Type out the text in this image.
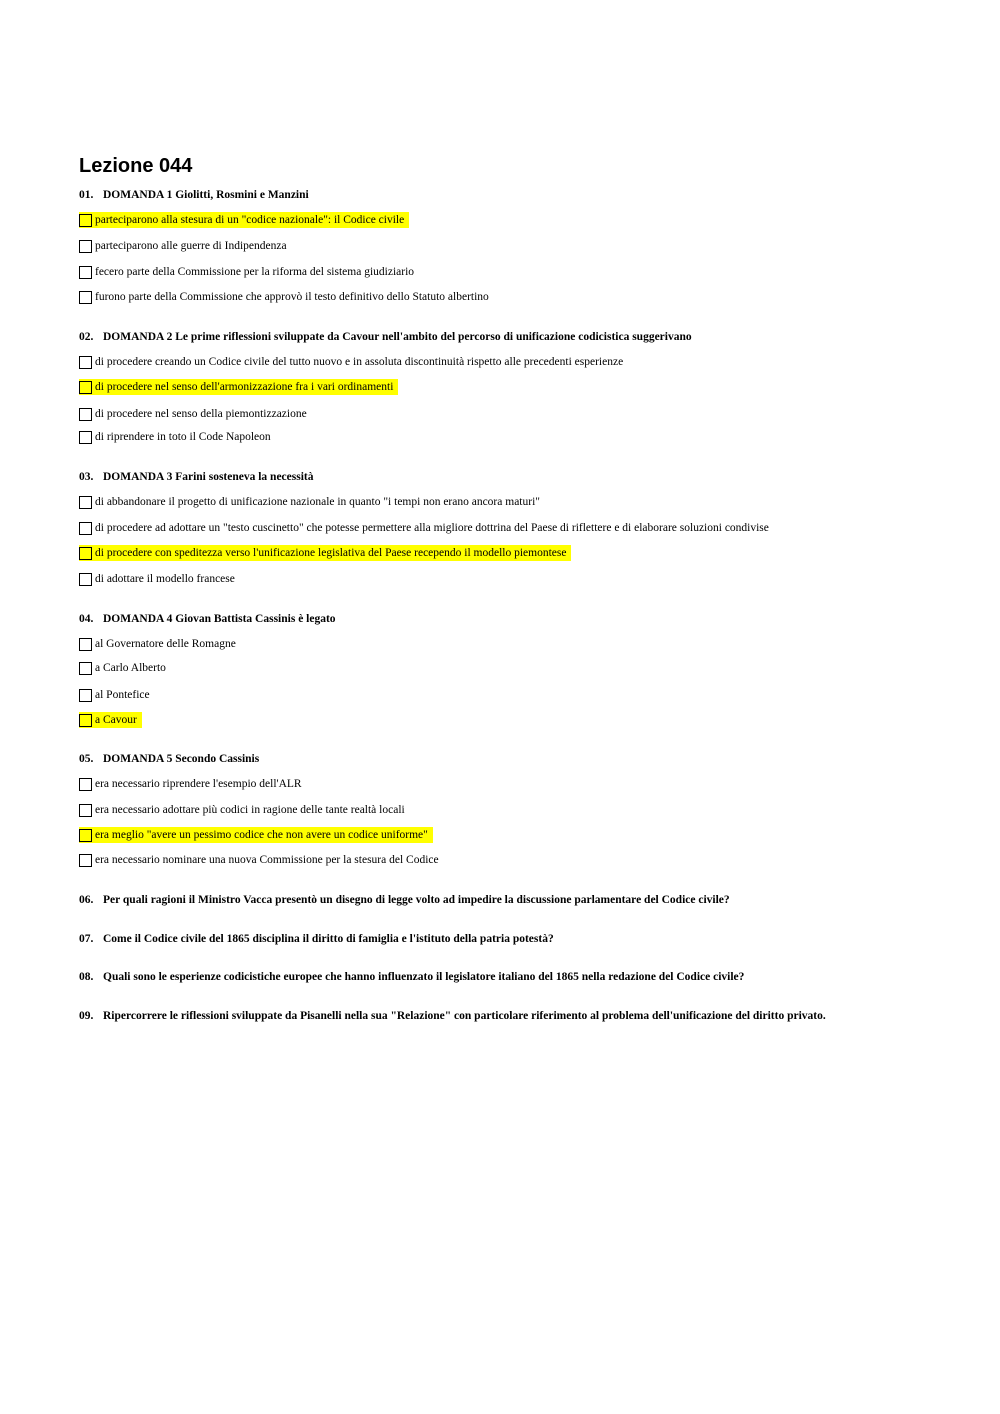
Lezione 044
01. DOMANDA 1 Giolitti, Rosmini e Manzini
parteciparono alla stesura di un "codice nazionale": il Codice civile
parteciparono alle guerre di Indipendenza
fecero parte della Commissione per la riforma del sistema giudiziario
furono parte della Commissione che approvò il testo definitivo dello Statuto albertino
02. DOMANDA 2 Le prime riflessioni sviluppate da Cavour nell'ambito del percorso di unificazione codicistica suggerivano
di procedere creando un Codice civile del tutto nuovo e in assoluta discontinuità rispetto alle precedenti esperienze
di procedere nel senso dell'armonizzazione fra i vari ordinamenti
di procedere nel senso della piemontizzazione
di riprendere in toto il Code Napoleon
03. DOMANDA 3 Farini sosteneva la necessità
di abbandonare il progetto di unificazione nazionale in quanto "i tempi non erano ancora maturi"
di procedere ad adottare un "testo cuscinetto" che potesse permettere alla migliore dottrina del Paese di riflettere e di elaborare soluzioni condivise
di procedere con speditezza verso l'unificazione legislativa del Paese recependo il modello piemontese
di adottare il modello francese
04. DOMANDA 4 Giovan Battista Cassinis è legato
al Governatore delle Romagne
a Carlo Alberto
al Pontefice
a Cavour
05. DOMANDA 5 Secondo Cassinis
era necessario riprendere l'esempio dell'ALR
era necessario adottare più codici in ragione delle tante realtà locali
era meglio "avere un pessimo codice che non avere un codice uniforme"
era necessario nominare una nuova Commissione per la stesura del Codice
06. Per quali ragioni il Ministro Vacca presentò un disegno di legge volto ad impedire la discussione parlamentare del Codice civile?
07. Come il Codice civile del 1865 disciplina il diritto di famiglia e l'istituto della patria potestà?
08. Quali sono le esperienze codicistiche europee che hanno influenzato il legislatore italiano del 1865 nella redazione del Codice civile?
09. Ripercorrere le riflessioni sviluppate da Pisanelli nella sua "Relazione" con particolare riferimento al problema dell'unificazione del diritto privato.
